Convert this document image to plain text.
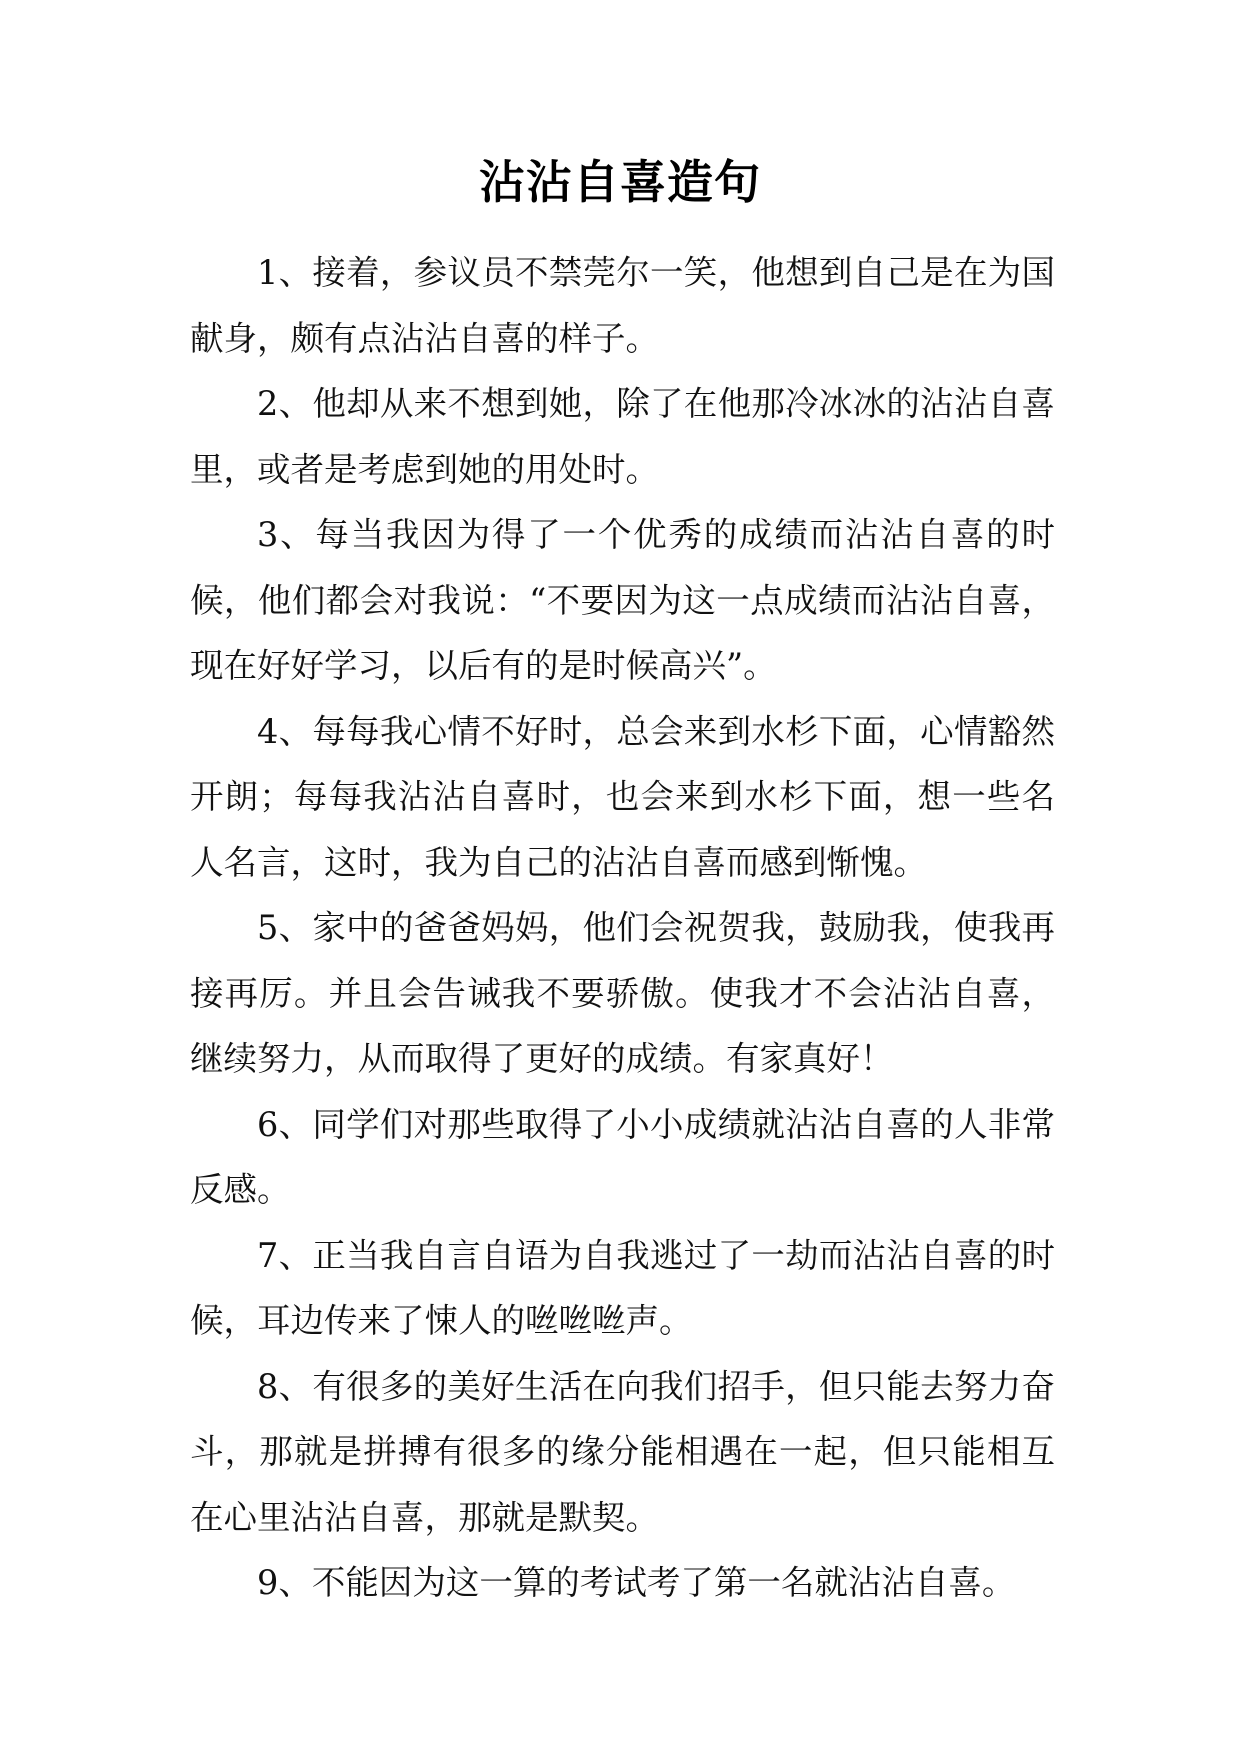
沾沾自喜造句

1、接着，参议员不禁莞尔一笑，他想到自己是在为国献身，颇有点沾沾自喜的样子。

2、他却从来不想到她，除了在他那冷冰冰的沾沾自喜里，或者是考虑到她的用处时。

3、每当我因为得了一个优秀的成绩而沾沾自喜的时候，他们都会对我说：“不要因为这一点成绩而沾沾自喜，现在好好学习，以后有的是时候高兴”。

4、每每我心情不好时，总会来到水杉下面，心情豁然开朗；每每我沾沾自喜时，也会来到水杉下面，想一些名人名言，这时，我为自己的沾沾自喜而感到惭愧。

5、家中的爸爸妈妈，他们会祝贺我，鼓励我，使我再接再厉。并且会告诫我不要骄傲。使我才不会沾沾自喜，继续努力，从而取得了更好的成绩。有家真好！

6、同学们对那些取得了小小成绩就沾沾自喜的人非常反感。

7、正当我自言自语为自我逃过了一劫而沾沾自喜的时候，耳边传来了悚人的咝咝咝声。

8、有很多的美好生活在向我们招手，但只能去努力奋斗，那就是拼搏有很多的缘分能相遇在一起，但只能相互在心里沾沾自喜，那就是默契。

9、不能因为这一算的考试考了第一名就沾沾自喜。
